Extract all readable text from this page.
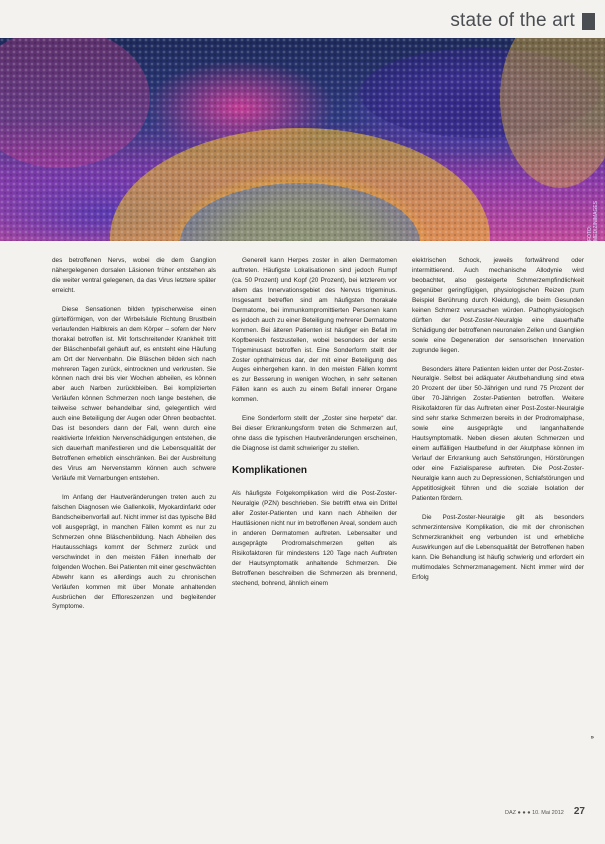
state of the art
FOTO: MEDIZINIMAGES

des betroffenen Nervs, wobei die dem Ganglion nähergelegenen dorsalen Läsionen früher entstehen als die weiter ventral gelegenen, da das Virus letztere später erreicht.

Diese Sensationen bilden typischerweise einen gürtelförmigen, von der Wirbelsäule Richtung Brustbein verlaufenden Halbkreis an dem Körper – sofern der Nerv thorakal betroffen ist. Mit fortschreitender Krankheit tritt der Bläschenbefall gehäuft auf, es entsteht eine Häufung am Ort der Nervenbahn. Die Bläschen bilden sich nach mehreren Tagen zurück, eintrocknen und verkrusten. Sie können nach drei bis vier Wochen abheilen, es können aber auch Narben zurückbleiben. Bei komplizierten Verläufen können Schmerzen noch lange bestehen, die teilweise schwer behandelbar sind, gelegentlich wird auch eine Beteiligung der Augen oder Ohren beobachtet. Das ist besonders dann der Fall, wenn durch eine reaktivierte Infektion Nervenschädigungen entstehen, die sich dauerhaft manifestieren und die Lebensqualität der Betroffenen erheblich einschränken. Bei der Ausbreitung des Virus am Nervenstamm können auch schwere Verläufe mit Vernarbungen entstehen.

Im Anfang der Hautveränderungen treten auch zu falschen Diagnosen wie Gallenkolik, Myokardinfarkt oder Bandscheibenvorfall auf. Nicht immer ist das typische Bild voll ausgeprägt, in manchen Fällen kommt es nur zu Schmerzen ohne Bläschenbildung. Nach Abheilen des Hautausschlags kommt der Schmerz zurück und verschwindet in den meisten Fällen innerhalb der folgenden Wochen. Bei Patienten mit einer geschwächten Abwehr kann es allerdings auch zu chronischen Verläufen kommen mit über Monate anhaltenden Ausbrüchen der Effloreszenzen und begleitender Symptome.

Generell kann Herpes zoster in allen Dermatomen auftreten. Häufigste Lokalisationen sind jedoch Rumpf (ca. 50 Prozent) und Kopf (20 Prozent), bei letzterem vor allem das Innervationsgebiet des Nervus trigeminus. Insgesamt betreffen sind am häufigsten thorakale Dermatome, bei immunkompromittierten Personen kann es jedoch auch zu einer Beteiligung mehrerer Dermatome kommen. Bei älteren Patienten ist häufiger ein Befall im Kopfbereich festzustellen, wobei besonders der erste Trigeminusast betroffen ist. Eine Sonderform stellt der Zoster ophthalmicus dar, der mit einer Beteiligung des Auges einhergehen kann. In den meisten Fällen kommt es zur Besserung in wenigen Wochen, in sehr seltenen Fällen kann es auch zu einem Befall innerer Organe kommen.

Eine Sonderform stellt der „Zoster sine herpete“ dar. Bei dieser Erkrankungsform treten die Schmerzen auf, ohne dass die typischen Hautveränderungen erscheinen, die Diagnose ist damit schwieriger zu stellen.

Komplikationen

Als häufigste Folgekomplikation wird die Post-Zoster-Neuralgie (PZN) beschrieben. Sie betrifft etwa ein Drittel aller Zoster-Patienten und kann nach Abheilen der Hautläsionen nicht nur im betroffenen Areal, sondern auch in anderen Dermatomen auftreten. Lebensalter und ausgeprägte Prodromalschmerzen gelten als Risikofaktoren für mindestens 120 Tage nach Auftreten der Hautsymptomatik anhaltende Schmerzen. Die Betroffenen beschreiben die Schmerzen als brennend, stechend, bohrend, ähnlich einem

elektrischen Schock, jeweils fortwährend oder intermittierend. Auch mechanische Allodynie wird beobachtet, also gesteigerte Schmerzempfindlichkeit gegenüber geringfügigen, physiologischen Reizen (zum Beispiel Berührung durch Kleidung), die beim Gesunden keinen Schmerz verursachen würden. Pathophysiologisch dürften der Post-Zoster-Neuralgie eine dauerhafte Schädigung der betroffenen neuronalen Zellen und Ganglien sowie eine Degeneration der sensorischen Innervation zugrunde liegen.

Besonders ältere Patienten leiden unter der Post-Zoster-Neuralgie. Selbst bei adäquater Akutbehandlung sind etwa 20 Prozent der über 50-Jährigen und rund 75 Prozent der über 70-Jährigen Zoster-Patienten betroffen. Weitere Risikofaktoren für das Auftreten einer Post-Zoster-Neuralgie sind sehr starke Schmerzen bereits in der Prodromalphase, sowie eine ausgeprägte und langanhaltende Hautsymptomatik. Neben diesen akuten Schmerzen und einem auffälligen Hautbefund in der Akutphase können im Verlauf der Erkrankung auch Sehstörungen, Hörstörungen oder eine Fazialisparese auftreten. Die Post-Zoster-Neuralgie kann auch zu Depressionen, Schlafstörungen und Appetitlosigkeit führen und die soziale Isolation der Patienten fördern.

Die Post-Zoster-Neuralgie gilt als besonders schmerzintensive Komplikation, die mit der chronischen Schmerzkrankheit eng verbunden ist und erhebliche Auswirkungen auf die Lebensqualität der Betroffenen haben kann. Die Behandlung ist häufig schwierig und erfordert ein multimodales Schmerzmanagement. Nicht immer wird der Erfolg

»
DAZ ● ● ● 10. Mai 2012 27
